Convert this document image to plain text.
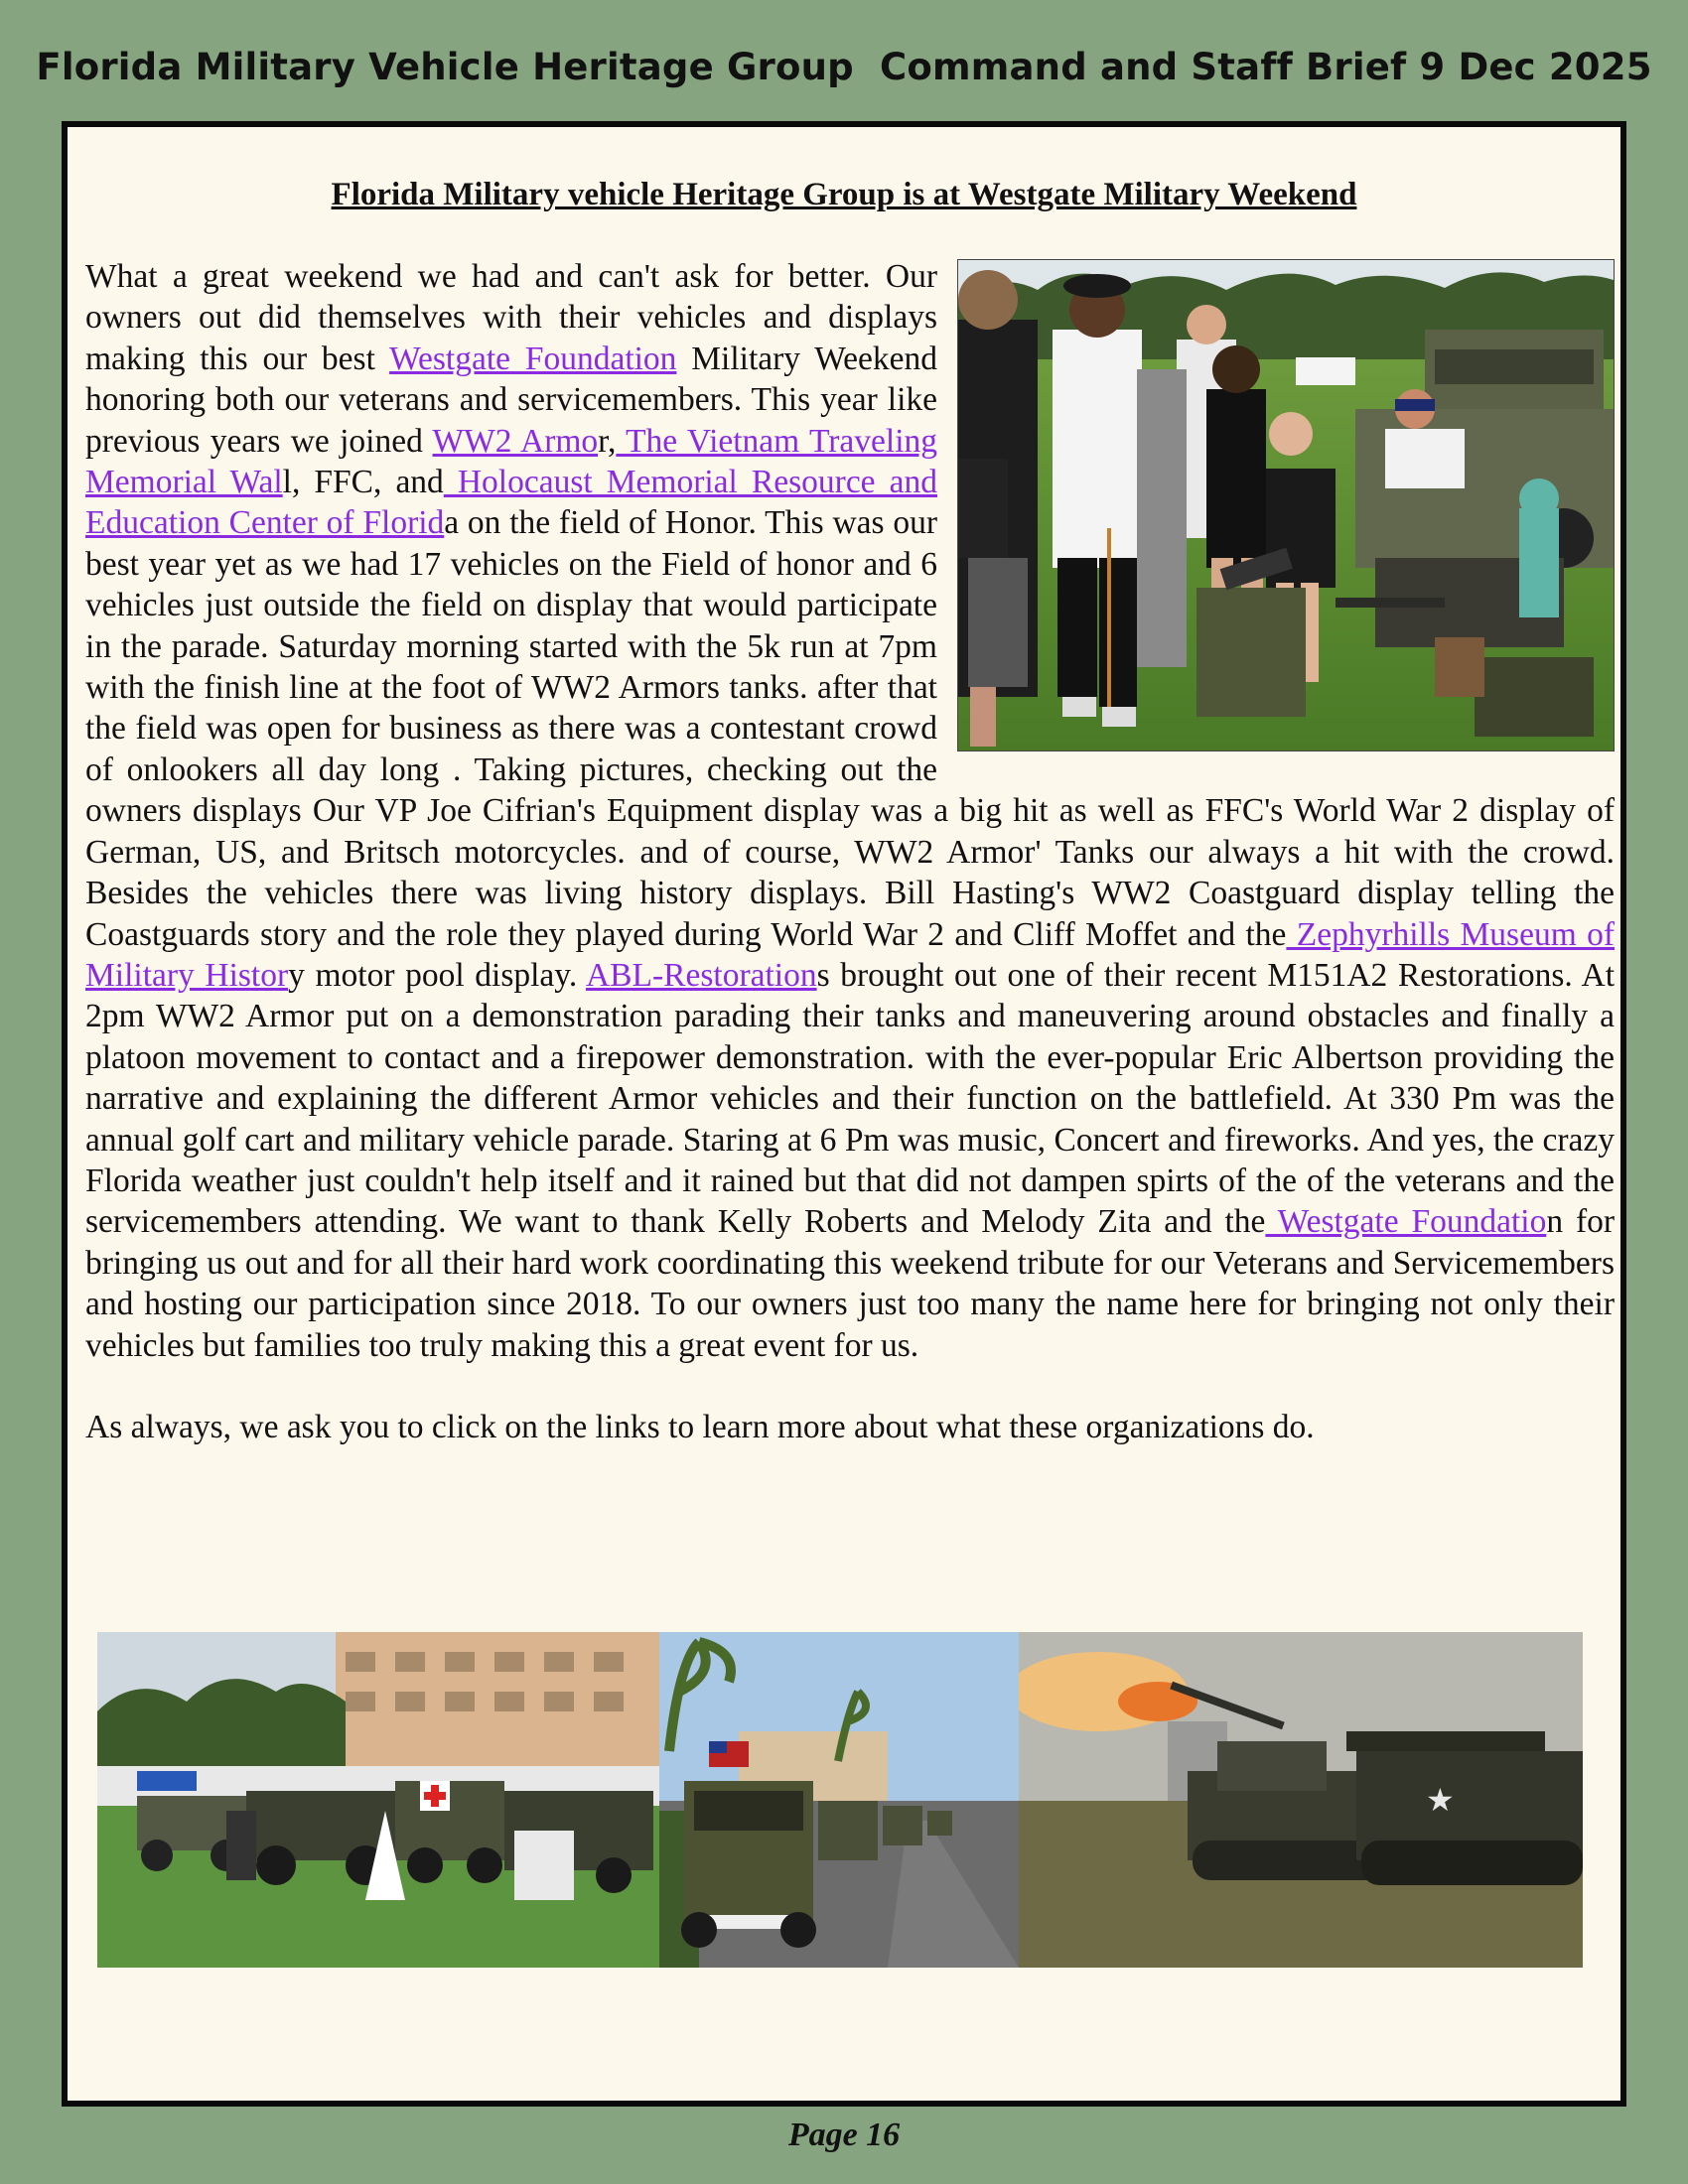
Florida Military Vehicle Heritage Group  Command and Staff Brief 9 Dec 2025
Florida Military vehicle Heritage Group is at Westgate Military Weekend

What a great weekend we had and can't ask for better. Our owners out did themselves with their vehicles and displays making this our best Westgate Foundation Military Weekend honoring both our veterans and servicemembers. This year like previous years we joined WW2 Armor, The Vietnam Traveling Memorial Wall, FFC, and Holocaust Memorial Resource and Education Center of Florida on the field of Honor. This was our best year yet as we had 17 vehicles on the Field of honor and 6 vehicles just outside the field on display that would participate in the parade. Saturday morning started with the 5k run at 7pm with the finish line at the foot of WW2 Armors tanks. after that the field was open for business as there was a contestant crowd of onlookers all day long . Taking pictures, checking out the owners displays Our VP Joe Cifrian's Equipment display was a big hit as well as FFC's World War 2 display of German, US, and Britsch motorcycles. and of course, WW2 Armor' Tanks our always a hit with the crowd. Besides the vehicles there was living history displays. Bill Hasting's WW2 Coastguard display telling the Coastguards story and the role they played during World War 2 and Cliff Moffet and the Zephyrhills Museum of Military History motor pool display. ABL-Restorations brought out one of their recent M151A2 Restorations. At 2pm WW2 Armor put on a demonstration parading their tanks and maneuvering around obstacles and finally a platoon movement to contact and a firepower demonstration. with the ever-popular Eric Albertson providing the narrative and explaining the different Armor vehicles and their function on the battlefield. At 330 Pm was the annual golf cart and military vehicle parade. Staring at 6 Pm was music, Concert and fireworks. And yes, the crazy Florida weather just couldn't help itself and it rained but that did not dampen spirts of the of the veterans and the servicemembers attending. We want to thank Kelly Roberts and Melody Zita and the Westgate Foundation for bringing us out and for all their hard work coordinating this weekend tribute for our Veterans and Servicemembers and hosting our participation since 2018. To our owners just too many the name here for bringing not only their vehicles but families too truly making this a great event for us.

As always, we ask you to click on the links to learn more about what these organizations do.

★
Page 16
